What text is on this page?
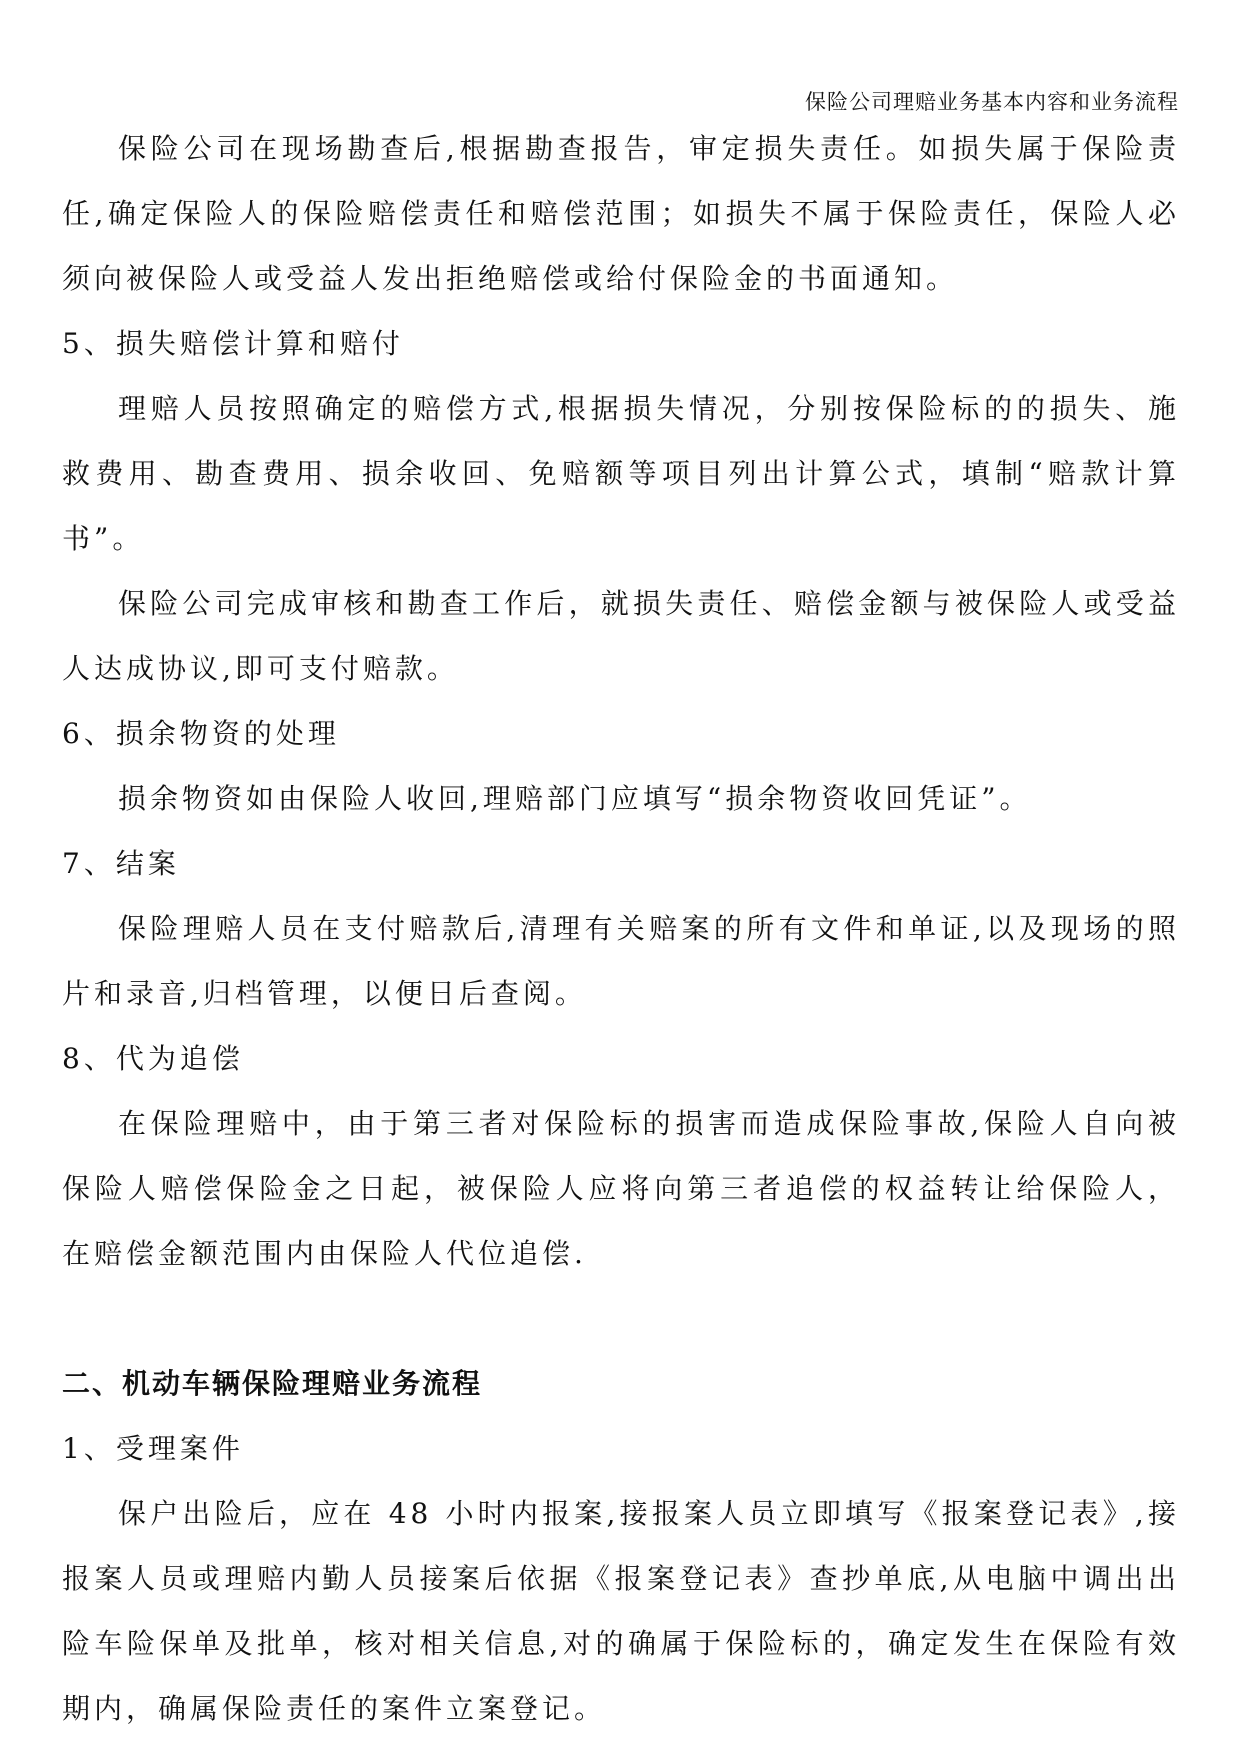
保险公司理赔业务基本内容和业务流程

保险公司在现场勘查后,根据勘查报告，审定损失责任。如损失属于保险责任,确定保险人的保险赔偿责任和赔偿范围；如损失不属于保险责任，保险人必须向被保险人或受益人发出拒绝赔偿或给付保险金的书面通知。

5、损失赔偿计算和赔付

理赔人员按照确定的赔偿方式,根据损失情况，分别按保险标的的损失、施救费用、勘查费用、损余收回、免赔额等项目列出计算公式，填制“赔款计算书”。

保险公司完成审核和勘查工作后，就损失责任、赔偿金额与被保险人或受益人达成协议,即可支付赔款。

6、损余物资的处理

损余物资如由保险人收回,理赔部门应填写“损余物资收回凭证”。

7、结案

保险理赔人员在支付赔款后,清理有关赔案的所有文件和单证,以及现场的照片和录音,归档管理，以便日后查阅。

8、代为追偿

在保险理赔中，由于第三者对保险标的损害而造成保险事故,保险人自向被保险人赔偿保险金之日起，被保险人应将向第三者追偿的权益转让给保险人，在赔偿金额范围内由保险人代位追偿.

二、机动车辆保险理赔业务流程

1、受理案件

保户出险后，应在 48 小时内报案,接报案人员立即填写《报案登记表》,接报案人员或理赔内勤人员接案后依据《报案登记表》查抄单底,从电脑中调出出险车险保单及批单，核对相关信息,对的确属于保险标的，确定发生在保险有效期内，确属保险责任的案件立案登记。
